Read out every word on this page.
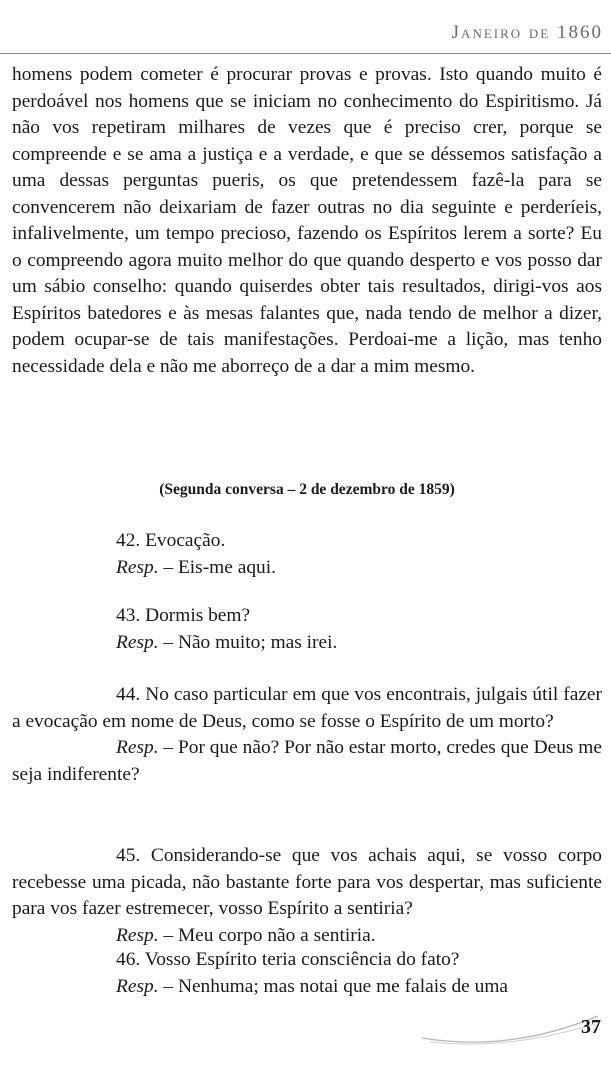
Janeiro de 1860

homens podem cometer é procurar provas e provas. Isto quando muito é perdoável nos homens que se iniciam no conhecimento do Espiritismo. Já não vos repetiram milhares de vezes que é preciso crer, porque se compreende e se ama a justiça e a verdade, e que se déssemos satisfação a uma dessas perguntas pueris, os que pretendessem fazê-la para se convencerem não deixariam de fazer outras no dia seguinte e perderíeis, infalivelmente, um tempo precioso, fazendo os Espíritos lerem a sorte? Eu o compreendo agora muito melhor do que quando desperto e vos posso dar um sábio conselho: quando quiserdes obter tais resultados, dirigi-vos aos Espíritos batedores e às mesas falantes que, nada tendo de melhor a dizer, podem ocupar-se de tais manifestações. Perdoai-me a lição, mas tenho necessidade dela e não me aborreço de a dar a mim mesmo.

(Segunda conversa – 2 de dezembro de 1859)

42. Evocação.

Resp. – Eis-me aqui.

43. Dormis bem?

Resp. – Não muito; mas irei.

44. No caso particular em que vos encontrais, julgais útil fazer a evocação em nome de Deus, como se fosse o Espírito de um morto?

Resp. – Por que não? Por não estar morto, credes que Deus me seja indiferente?

45. Considerando-se que vos achais aqui, se vosso corpo recebesse uma picada, não bastante forte para vos despertar, mas suficiente para vos fazer estremecer, vosso Espírito a sentiria?

Resp. – Meu corpo não a sentiria.

46. Vosso Espírito teria consciência do fato?

Resp. – Nenhuma; mas notai que me falais de uma

37
